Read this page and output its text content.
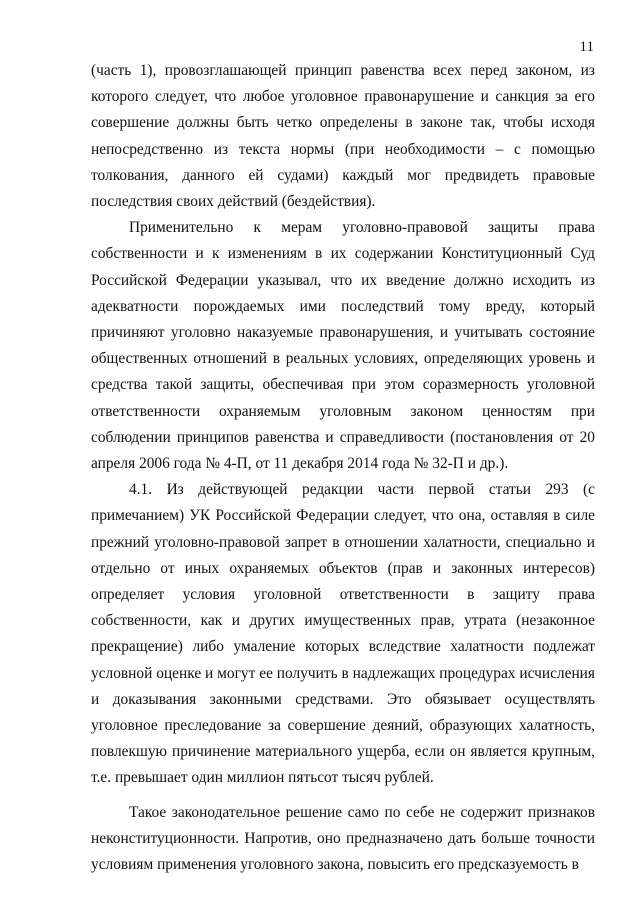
11

(часть 1), провозглашающей принцип равенства всех перед законом, из которого следует, что любое уголовное правонарушение и санкция за его совершение должны быть четко определены в законе так, чтобы исходя непосредственно из текста нормы (при необходимости – с помощью толкования, данного ей судами) каждый мог предвидеть правовые последствия своих действий (бездействия).

Применительно к мерам уголовно-правовой защиты права собственности и к изменениям в их содержании Конституционный Суд Российской Федерации указывал, что их введение должно исходить из адекватности порождаемых ими последствий тому вреду, который причиняют уголовно наказуемые правонарушения, и учитывать состояние общественных отношений в реальных условиях, определяющих уровень и средства такой защиты, обеспечивая при этом соразмерность уголовной ответственности охраняемым уголовным законом ценностям при соблюдении принципов равенства и справедливости (постановления от 20 апреля 2006 года № 4-П, от 11 декабря 2014 года № 32-П и др.).

4.1. Из действующей редакции части первой статьи 293 (с примечанием) УК Российской Федерации следует, что она, оставляя в силе прежний уголовно-правовой запрет в отношении халатности, специально и отдельно от иных охраняемых объектов (прав и законных интересов) определяет условия уголовной ответственности в защиту права собственности, как и других имущественных прав, утрата (незаконное прекращение) либо умаление которых вследствие халатности подлежат условной оценке и могут ее получить в надлежащих процедурах исчисления и доказывания законными средствами. Это обязывает осуществлять уголовное преследование за совершение деяний, образующих халатность, повлекшую причинение материального ущерба, если он является крупным, т.е. превышает один миллион пятьсот тысяч рублей.

Такое законодательное решение само по себе не содержит признаков неконституционности. Напротив, оно предназначено дать больше точности условиям применения уголовного закона, повысить его предсказуемость в
